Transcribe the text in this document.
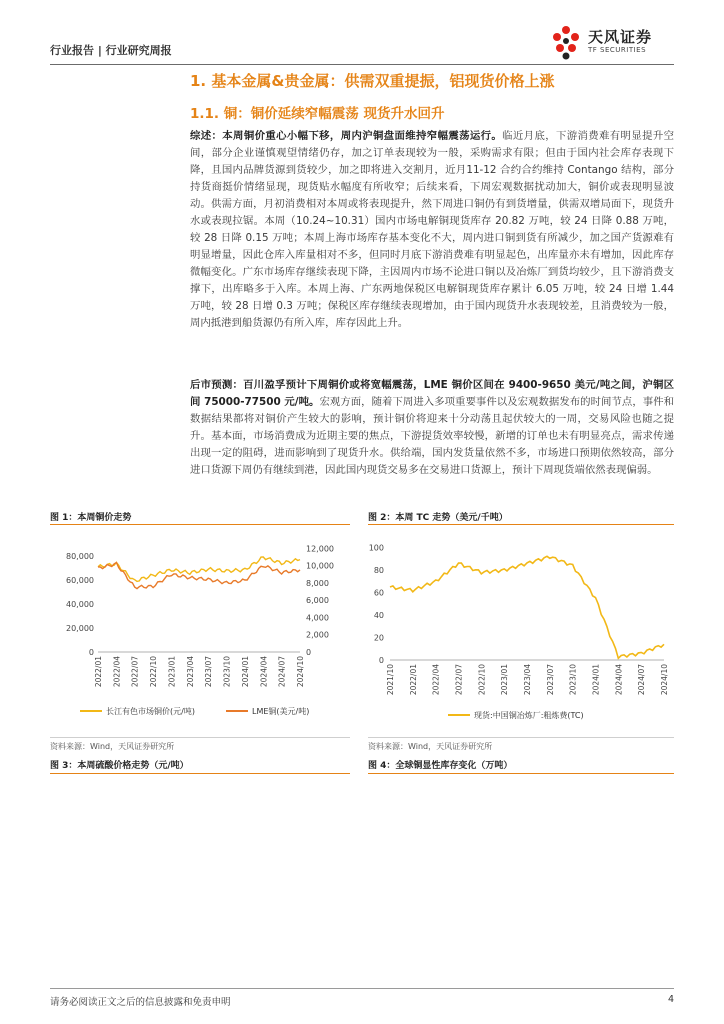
行业报告 | 行业研究周报
天风证券
TF SECURITIES
1. 基本金属&贵金属：供需双重提振，铝现货价格上涨
1.1. 铜：铜价延续窄幅震荡 现货升水回升

综述：本周铜价重心小幅下移，周内沪铜盘面维持窄幅震荡运行。临近月底，下游消费难有明显提升空间，部分企业谨慎观望情绪仍存，加之订单表现较为一般，采购需求有限；但由于国内社会库存表现下降，且国内品牌货源到货较少，加之即将进入交割月，近月11-12 合约合约维持 Contango 结构，部分持货商挺价情绪显现，现货贴水幅度有所收窄；后续来看，下周宏观数据扰动加大，铜价或表现明显波动。供需方面，月初消费相对本周或将表现提升，然下周进口铜仍有到货增量，供需双增局面下，现货升水或表现拉锯。本周（10.24~10.31）国内市场电解铜现货库存 20.82 万吨，较 24 日降 0.88 万吨，较 28 日降 0.15 万吨；本周上海市场库存基本变化不大，周内进口铜到货有所减少，加之国产货源难有明显增量，因此仓库入库量相对不多，但同时月底下游消费难有明显起色，出库量亦未有增加，因此库存微幅变化。广东市场库存继续表现下降，主因周内市场不论进口铜以及冶炼厂到货均较少，且下游消费支撑下，出库略多于入库。本周上海、广东两地保税区电解铜现货库存累计 6.05 万吨，较 24 日增 1.44 万吨，较 28 日增 0.3 万吨；保税区库存继续表现增加，由于国内现货升水表现较差，且消费较为一般，周内抵港到船货源仍有所入库，库存因此上升。

后市预测：百川盈孚预计下周铜价或将宽幅震荡，LME 铜价区间在 9400-9650 美元/吨之间，沪铜区间 75000-77500 元/吨。宏观方面，随着下周进入多项重要事件以及宏观数据发布的时间节点，事件和数据结果都将对铜价产生较大的影响，预计铜价将迎来十分动荡且起伏较大的一周，交易风险也随之提升。基本面，市场消费成为近期主要的焦点，下游提货效率较慢，新增的订单也未有明显亮点，需求传递出现一定的阻碍，进而影响到了现货升水。供给端，国内发货量依然不多，市场进口预期依然较高，部分进口货源下周仍有继续到港，因此国内现货交易多在交易进口货源上，预计下周现货端依然表现偏弱。

图 1：本周铜价走势	图 2：本周 TC 走势（美元/千吨）
0
20,000
40,000
60,000
80,000
0
2,000
4,000
6,000
8,000
10,000
12,000
2022/01 2022/04 2022/07 2022/10 2023/01 2023/04 2023/07 2023/10 2024/01 2024/04 2024/07 2024/10
长江有色市场铜价(元/吨)	LME铜(美元/吨)
0
20
40
60
80
100
2021/10 2022/01 2022/04 2022/07 2022/10 2023/01 2023/04 2023/07 2023/10 2024/01 2024/04 2024/07 2024/10
现货:中国铜冶炼厂:粗炼费(TC)
资料来源：Wind，天风证券研究所	资料来源：Wind，天风证券研究所
图 3：本周硫酸价格走势（元/吨）	图 4：全球铜显性库存变化（万吨）
请务必阅读正文之后的信息披露和免责申明	4
